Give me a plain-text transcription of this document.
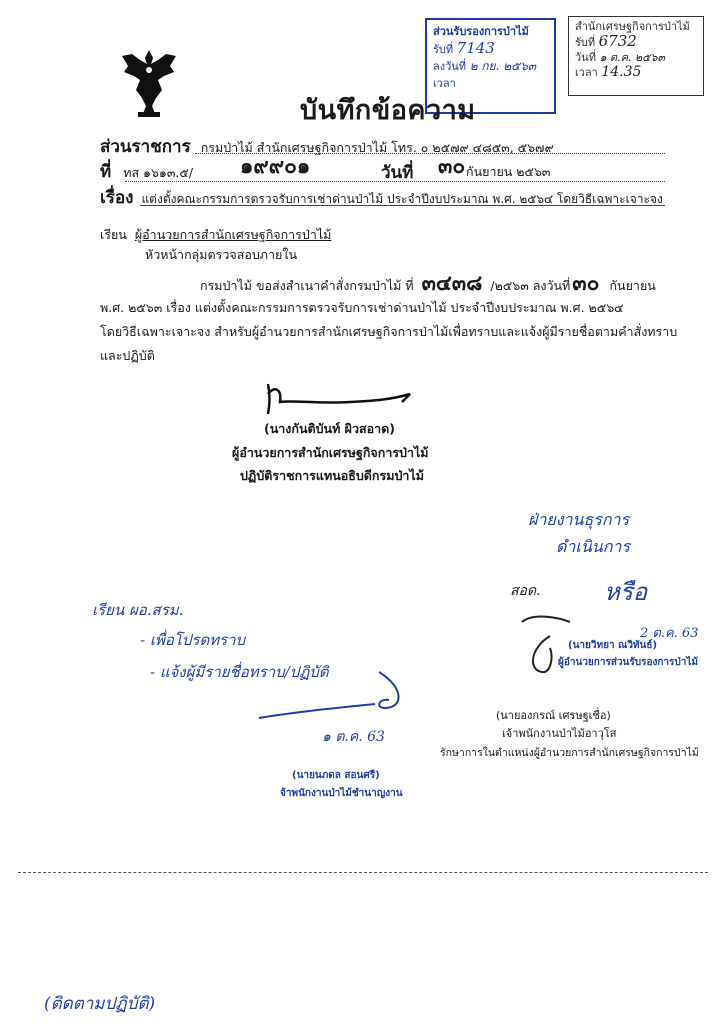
ส่วนรับรองการป่าไม้
รับที่ 7143
ลงวันที่ ๒ กย. ๒๕๖๓
เวลา
สำนักเศรษฐกิจการป่าไม้
รับที่ 6732
วันที่ ๑ ต.ค. ๒๕๖๓
เวลา 14.35
บันทึกข้อความ
ส่วนราชการ กรมป่าไม้ สำนักเศรษฐกิจการป่าไม้ โทร. ๐ ๒๕๗๙ ๔๘๕๓, ๕๖๗๙
ที่ ทส ๑๖๑๓.๕/ ๑๙๙๐๑	วันที่ ๓๐ กันยายน ๒๕๖๓
เรื่อง แต่งตั้งคณะกรรมการตรวจรับการเช่าด่านป่าไม้ ประจำปีงบประมาณ พ.ศ. ๒๕๖๔ โดยวิธีเฉพาะเจาะจง
เรียน ผู้อำนวยการสำนักเศรษฐกิจการป่าไม้
หัวหน้ากลุ่มตรวจสอบภายใน
กรมป่าไม้ ขอส่งสำเนาคำสั่งกรมป่าไม้ ที่ ๓๔๓๘ /๒๕๖๓ ลงวันที่๓๐ กันยายน
พ.ศ. ๒๕๖๓ เรื่อง แต่งตั้งคณะกรรมการตรวจรับการเช่าด่านป่าไม้ ประจำปีงบประมาณ พ.ศ. ๒๕๖๔
โดยวิธีเฉพาะเจาะจง สำหรับผู้อำนวยการสำนักเศรษฐกิจการป่าไม้เพื่อทราบและแจ้งผู้มีรายชื่อตามคำสั่งทราบ
และปฏิบัติ
(นางกันติบันท์ ผิวสอาด)
ผู้อำนวยการสำนักเศรษฐกิจการป่าไม้
ปฏิบัติราชการแทนอธิบดีกรมป่าไม้
ฝ่ายงานธุรการ
ดำเนินการ
สอด.	หรือ
2 ต.ค. 63
(นายวิทยา ณวิทันธ์)
ผู้อำนวยการส่วนรับรองการป่าไม้
เรียน ผอ.สรม.
- เพื่อโปรดทราบ
- แจ้งผู้มีรายชื่อทราบ/ปฏิบัติ
๑ ต.ค. 63
(นายนภดล สอนศรี)
จ้าพนักงานป่าไม้ชำนาญงาน
(นายองกรณ์ เศรษฐเชื่อ)
เจ้าพนักงานป่าไม้อาวุโส
รักษาการในตำแหน่งผู้อำนวยการสำนักเศรษฐกิจการป่าไม้
(ติดตามปฏิบัติ)
